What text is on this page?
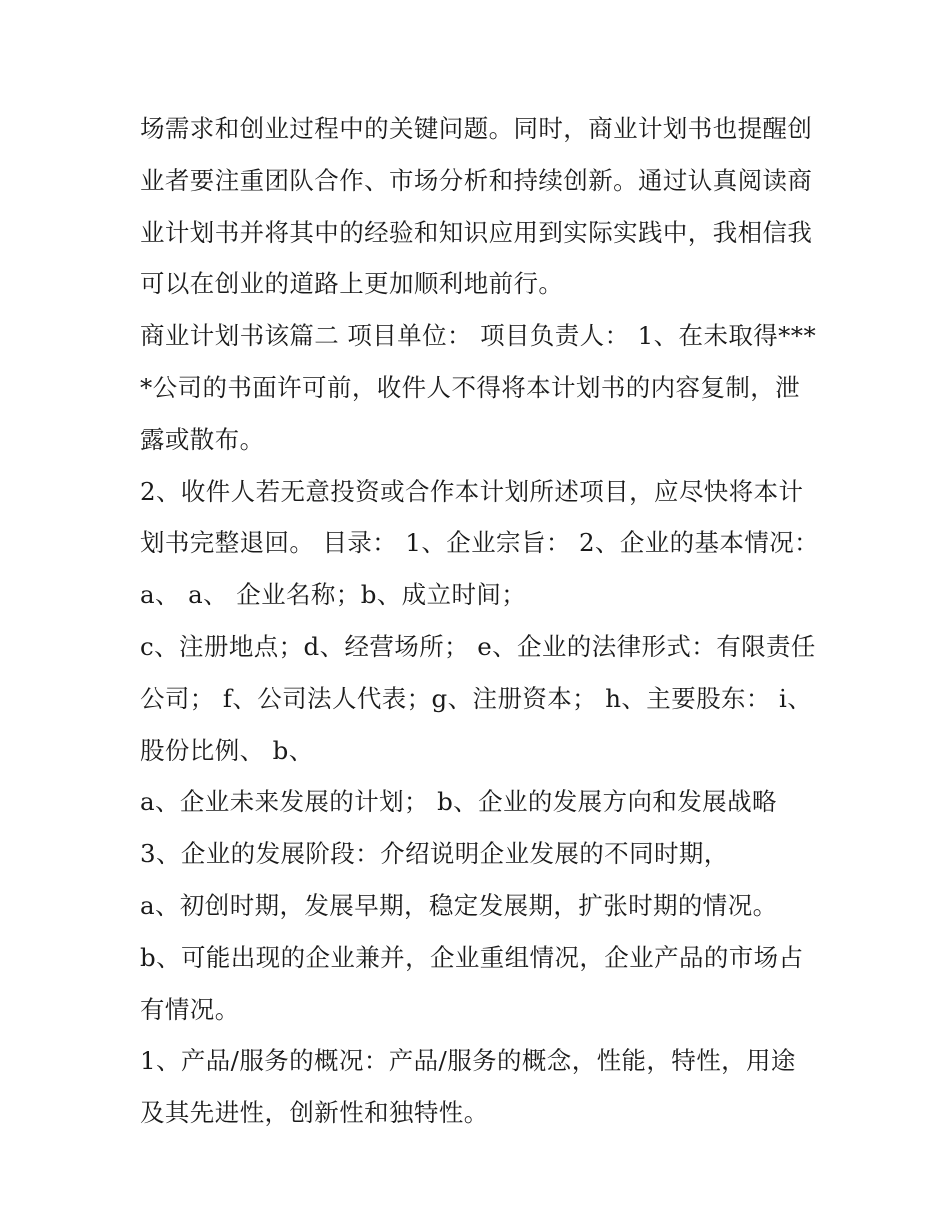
场需求和创业过程中的关键问题。同时，商业计划书也提醒创业者要注重团队合作、市场分析和持续创新。通过认真阅读商业计划书并将其中的经验和知识应用到实际实践中，我相信我可以在创业的道路上更加顺利地前行。

商业计划书该篇二 项目单位： 项目负责人： 1、在未取得****公司的书面许可前，收件人不得将本计划书的内容复制，泄露或散布。

2、收件人若无意投资或合作本计划所述项目，应尽快将本计划书完整退回。 目录： 1、企业宗旨： 2、企业的基本情况：

a、 a、 企业名称；b、成立时间；

c、注册地点；d、经营场所； e、企业的法律形式：有限责任公司； f、公司法人代表；g、注册资本； h、主要股东： i、股份比例、 b、

a、企业未来发展的计划； b、企业的发展方向和发展战略 3、企业的发展阶段：介绍说明企业发展的不同时期，

a、初创时期，发展早期，稳定发展期，扩张时期的情况。

b、可能出现的企业兼并，企业重组情况，企业产品的市场占有情况。

1、产品/服务的概况：产品/服务的概念，性能，特性，用途及其先进性，创新性和独特性。
